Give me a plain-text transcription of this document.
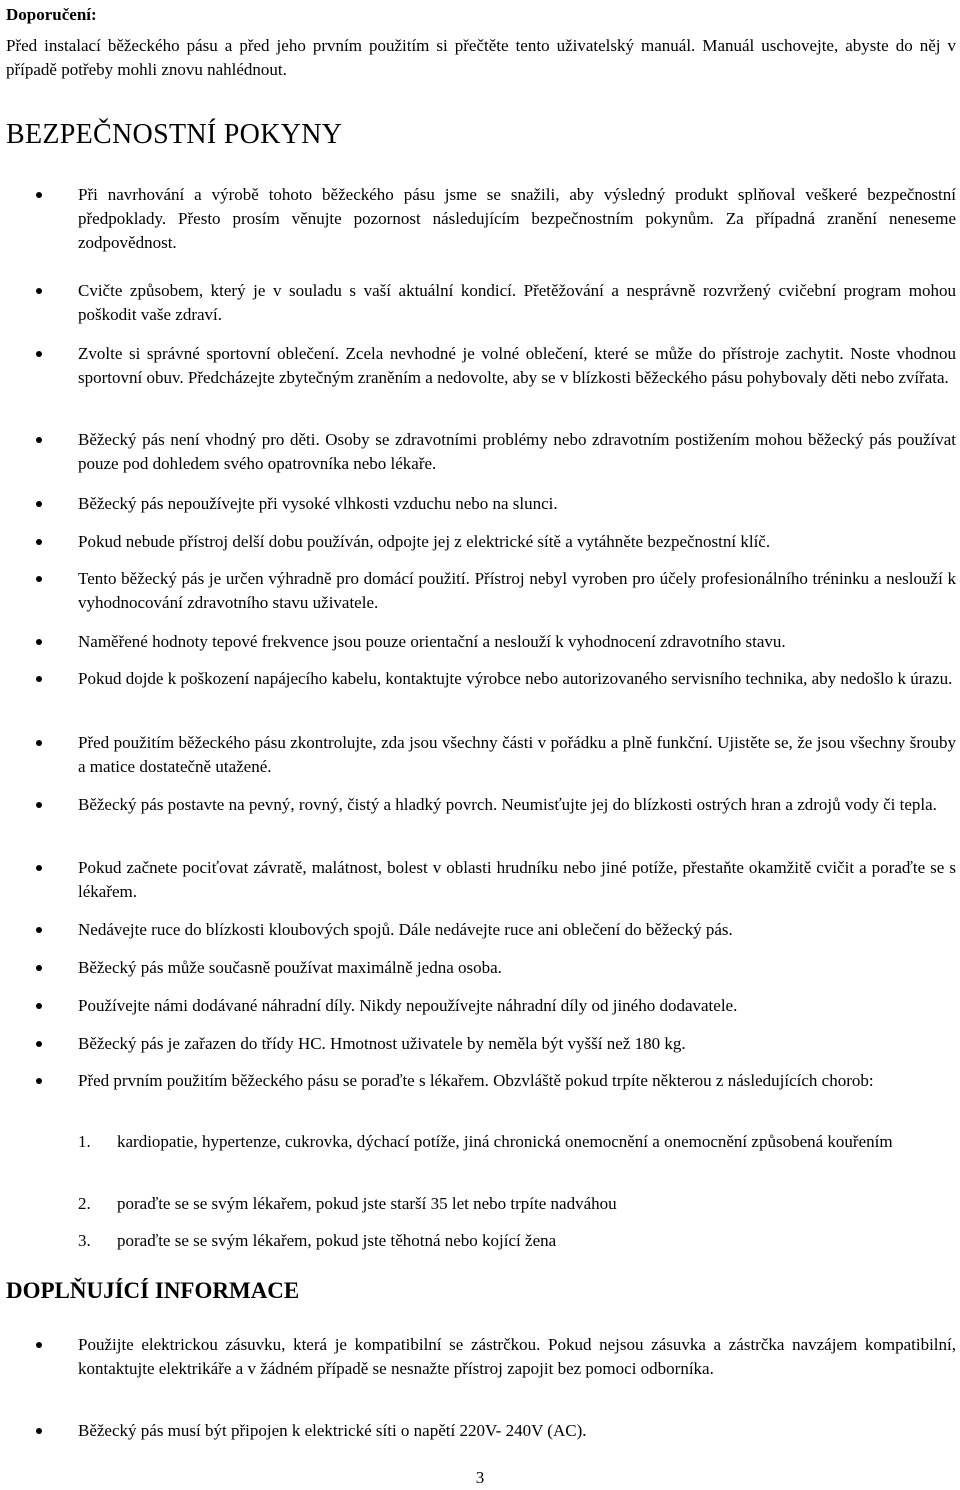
Doporučení:
Před instalací běžeckého pásu a před jeho prvním použitím si přečtěte tento uživatelský manuál. Manuál uschovejte, abyste do něj v případě potřeby mohli znovu nahlédnout.
BEZPEČNOSTNÍ POKYNY
Při navrhování a výrobě tohoto běžeckého pásu jsme se snažili, aby výsledný produkt splňoval veškeré bezpečnostní předpoklady. Přesto prosím věnujte pozornost následujícím bezpečnostním pokynům. Za případná zranění neneseme zodpovědnost.
Cvičte způsobem, který je v souladu s vaší aktuální kondicí. Přetěžování a nesprávně rozvržený cvičební program mohou poškodit vaše zdraví.
Zvolte si správné sportovní oblečení. Zcela nevhodné je volné oblečení, které se může do přístroje zachytit. Noste vhodnou sportovní obuv. Předcházejte zbytečným zraněním a nedovolte, aby se v blízkosti běžeckého pásu pohybovaly děti nebo zvířata.
Běžecký pás není vhodný pro děti. Osoby se zdravotními problémy nebo zdravotním postižením mohou běžecký pás používat pouze pod dohledem svého opatrovníka nebo lékaře.
Běžecký pás nepoužívejte při vysoké vlhkosti vzduchu nebo na slunci.
Pokud nebude přístroj delší dobu používán, odpojte jej z elektrické sítě a vytáhněte bezpečnostní klíč.
Tento běžecký pás je určen výhradně pro domácí použití. Přístroj nebyl vyroben pro účely profesionálního tréninku a neslouží k vyhodnocování zdravotního stavu uživatele.
Naměřené hodnoty tepové frekvence jsou pouze orientační a neslouží k vyhodnocení zdravotního stavu.
Pokud dojde k poškození napájecího kabelu, kontaktujte výrobce nebo autorizovaného servisního technika, aby nedošlo k úrazu.
Před použitím běžeckého pásu zkontrolujte, zda jsou všechny části v pořádku a plně funkční. Ujistěte se, že jsou všechny šrouby a matice dostatečně utažené.
Běžecký pás postavte na pevný, rovný, čistý a hladký povrch. Neumisťujte jej do blízkosti ostrých hran a zdrojů vody či tepla.
Pokud začnete pociťovat závratě, malátnost, bolest v oblasti hrudníku nebo jiné potíže, přestaňte okamžitě cvičit a poraďte se s lékařem.
Nedávejte ruce do blízkosti kloubových spojů. Dále nedávejte ruce ani oblečení do běžecký pás.
Běžecký pás může současně používat maximálně jedna osoba.
Používejte námi dodávané náhradní díly. Nikdy nepoužívejte náhradní díly od jiného dodavatele.
Běžecký pás je zařazen do třídy HC. Hmotnost uživatele by neměla být vyšší než 180 kg.
Před prvním použitím běžeckého pásu se poraďte s lékařem. Obzvláště pokud trpíte některou z následujících chorob:
1. kardiopatie, hypertenze, cukrovka, dýchací potíže, jiná chronická onemocnění a onemocnění způsobená kouřením
2. poraďte se se svým lékařem, pokud jste starší 35 let nebo trpíte nadváhou
3. poraďte se se svým lékařem, pokud jste těhotná nebo kojící žena
DOPLŇUJÍCÍ INFORMACE
Použijte elektrickou zásuvku, která je kompatibilní se zástrčkou. Pokud nejsou zásuvka a zástrčka navzájem kompatibilní, kontaktujte elektrikáře a v žádném případě se nesnažte přístroj zapojit bez pomoci odborníka.
Běžecký pás musí být připojen k elektrické síti o napětí 220V- 240V (AC).
3
